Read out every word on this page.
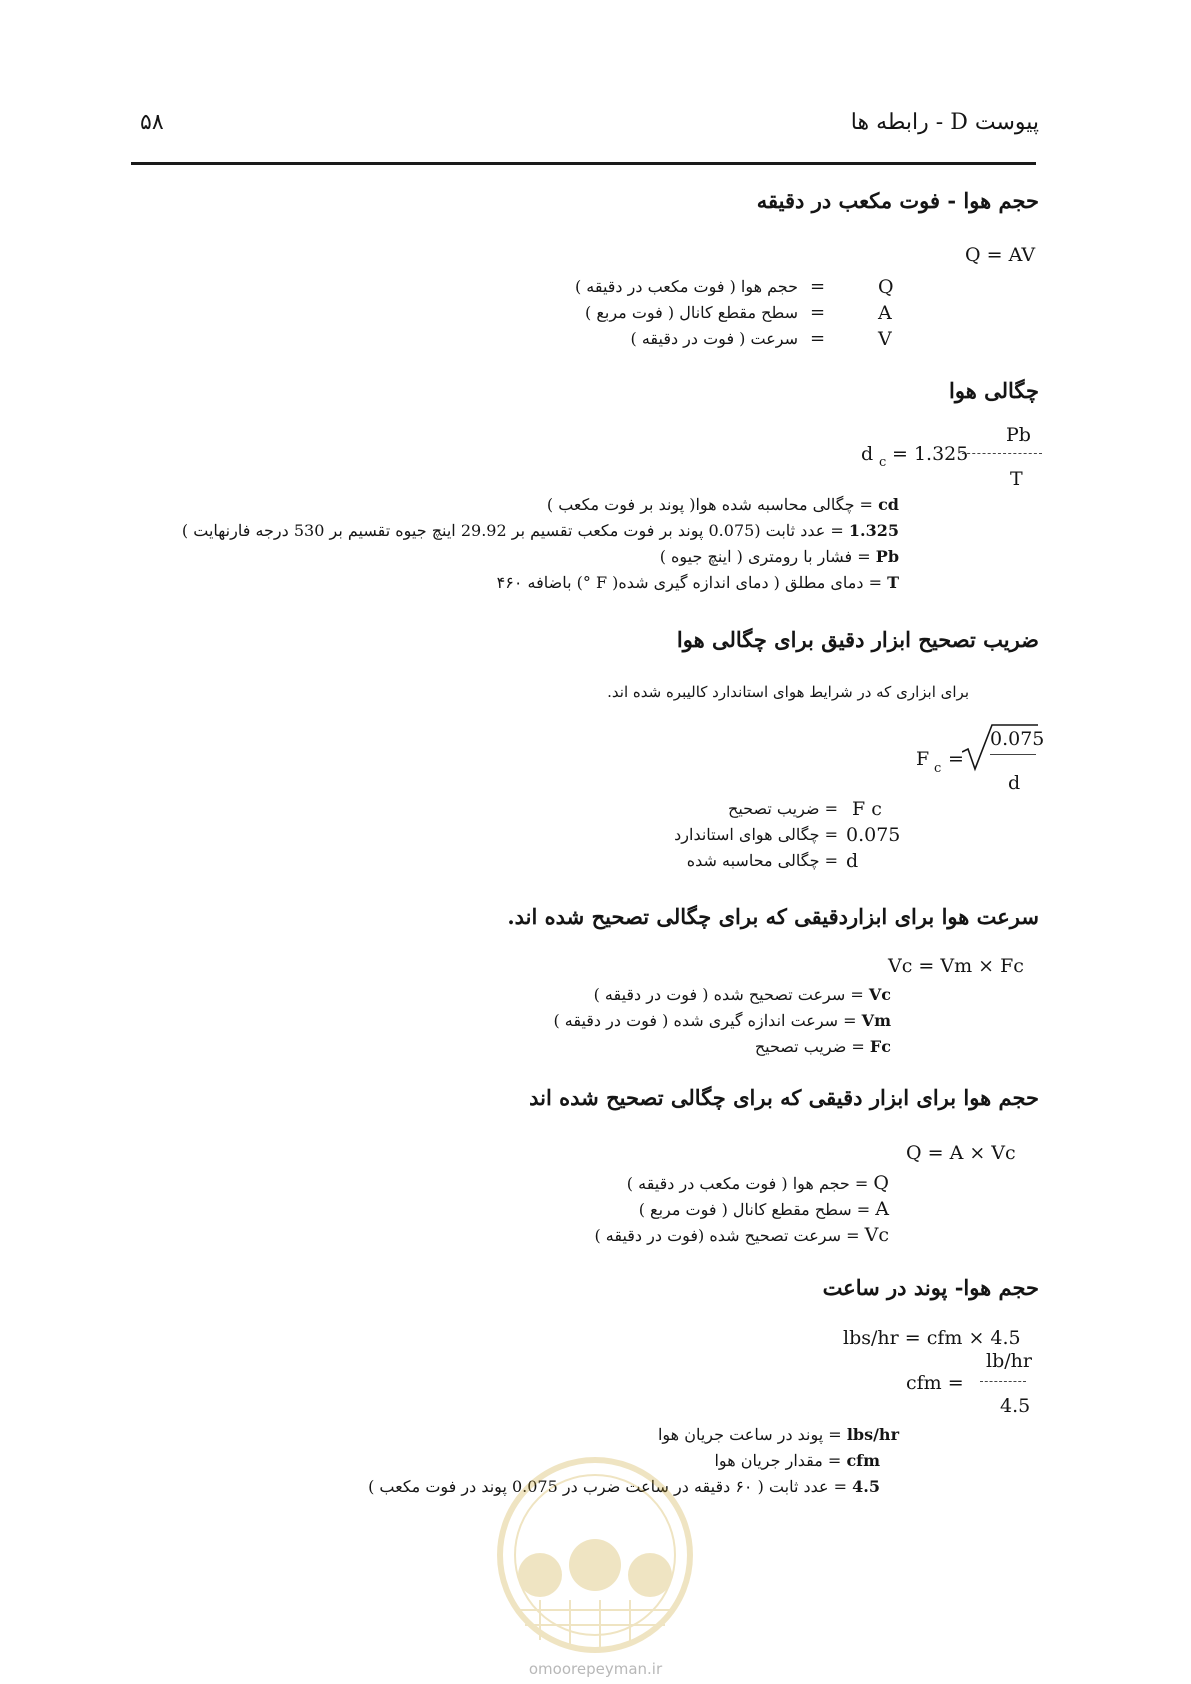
۵۸	پیوست D - رابطه ها
حجم هوا - فوت مکعب در دقیقه
Q = AV
Q
=
حجم هوا ( فوت مکعب در دقیقه )
A
=
سطح مقطع کانال ( فوت مربع )
V
=
سرعت ( فوت در دقیقه )
چگالی هوا
Pb
d c = 1.325
T
cd = چگالی محاسبه شده هوا( پوند بر فوت مکعب )
1.325 = عدد ثابت (0.075 پوند بر فوت مکعب تقسیم بر 29.92 اینچ جیوه تقسیم بر 530 درجه فارنهایت )
Pb = فشار با رومتری ( اینچ جیوه )
T = دمای مطلق ( دمای اندازه گیری شده( F °) باضافه ۴۶۰
ضریب تصحیح ابزار دقیق برای چگالی هوا
برای ابزاری که در شرایط هوای استاندارد کالیبره شده اند.
F c =
0.075
d
F c
= ضریب تصحیح
0.075
= چگالی هوای استاندارد
d
= چگالی محاسبه شده
سرعت هوا برای ابزاردقیقی که برای چگالی تصحیح شده اند.
Vc = Vm × Fc
Vc = سرعت تصحیح شده ( فوت در دقیقه )
Vm = سرعت اندازه گیری شده ( فوت در دقیقه )
Fc = ضریب تصحیح
حجم هوا برای ابزار دقیقی که برای چگالی تصحیح شده اند
Q = A × Vc
Q = حجم هوا ( فوت مکعب در دقیقه )
A = سطح مقطع کانال ( فوت مربع )
Vc = سرعت تصحیح شده (فوت در دقیقه )
حجم هوا- پوند در ساعت
lbs/hr = cfm × 4.5
lb/hr
cfm =
4.5
lbs/hr = پوند در ساعت جریان هوا
cfm = مقدار جریان هوا
4.5 = عدد ثابت ( ۶۰ دقیقه در ساعت ضرب در 0.075 پوند در فوت مکعب )
omoorepeyman.ir
